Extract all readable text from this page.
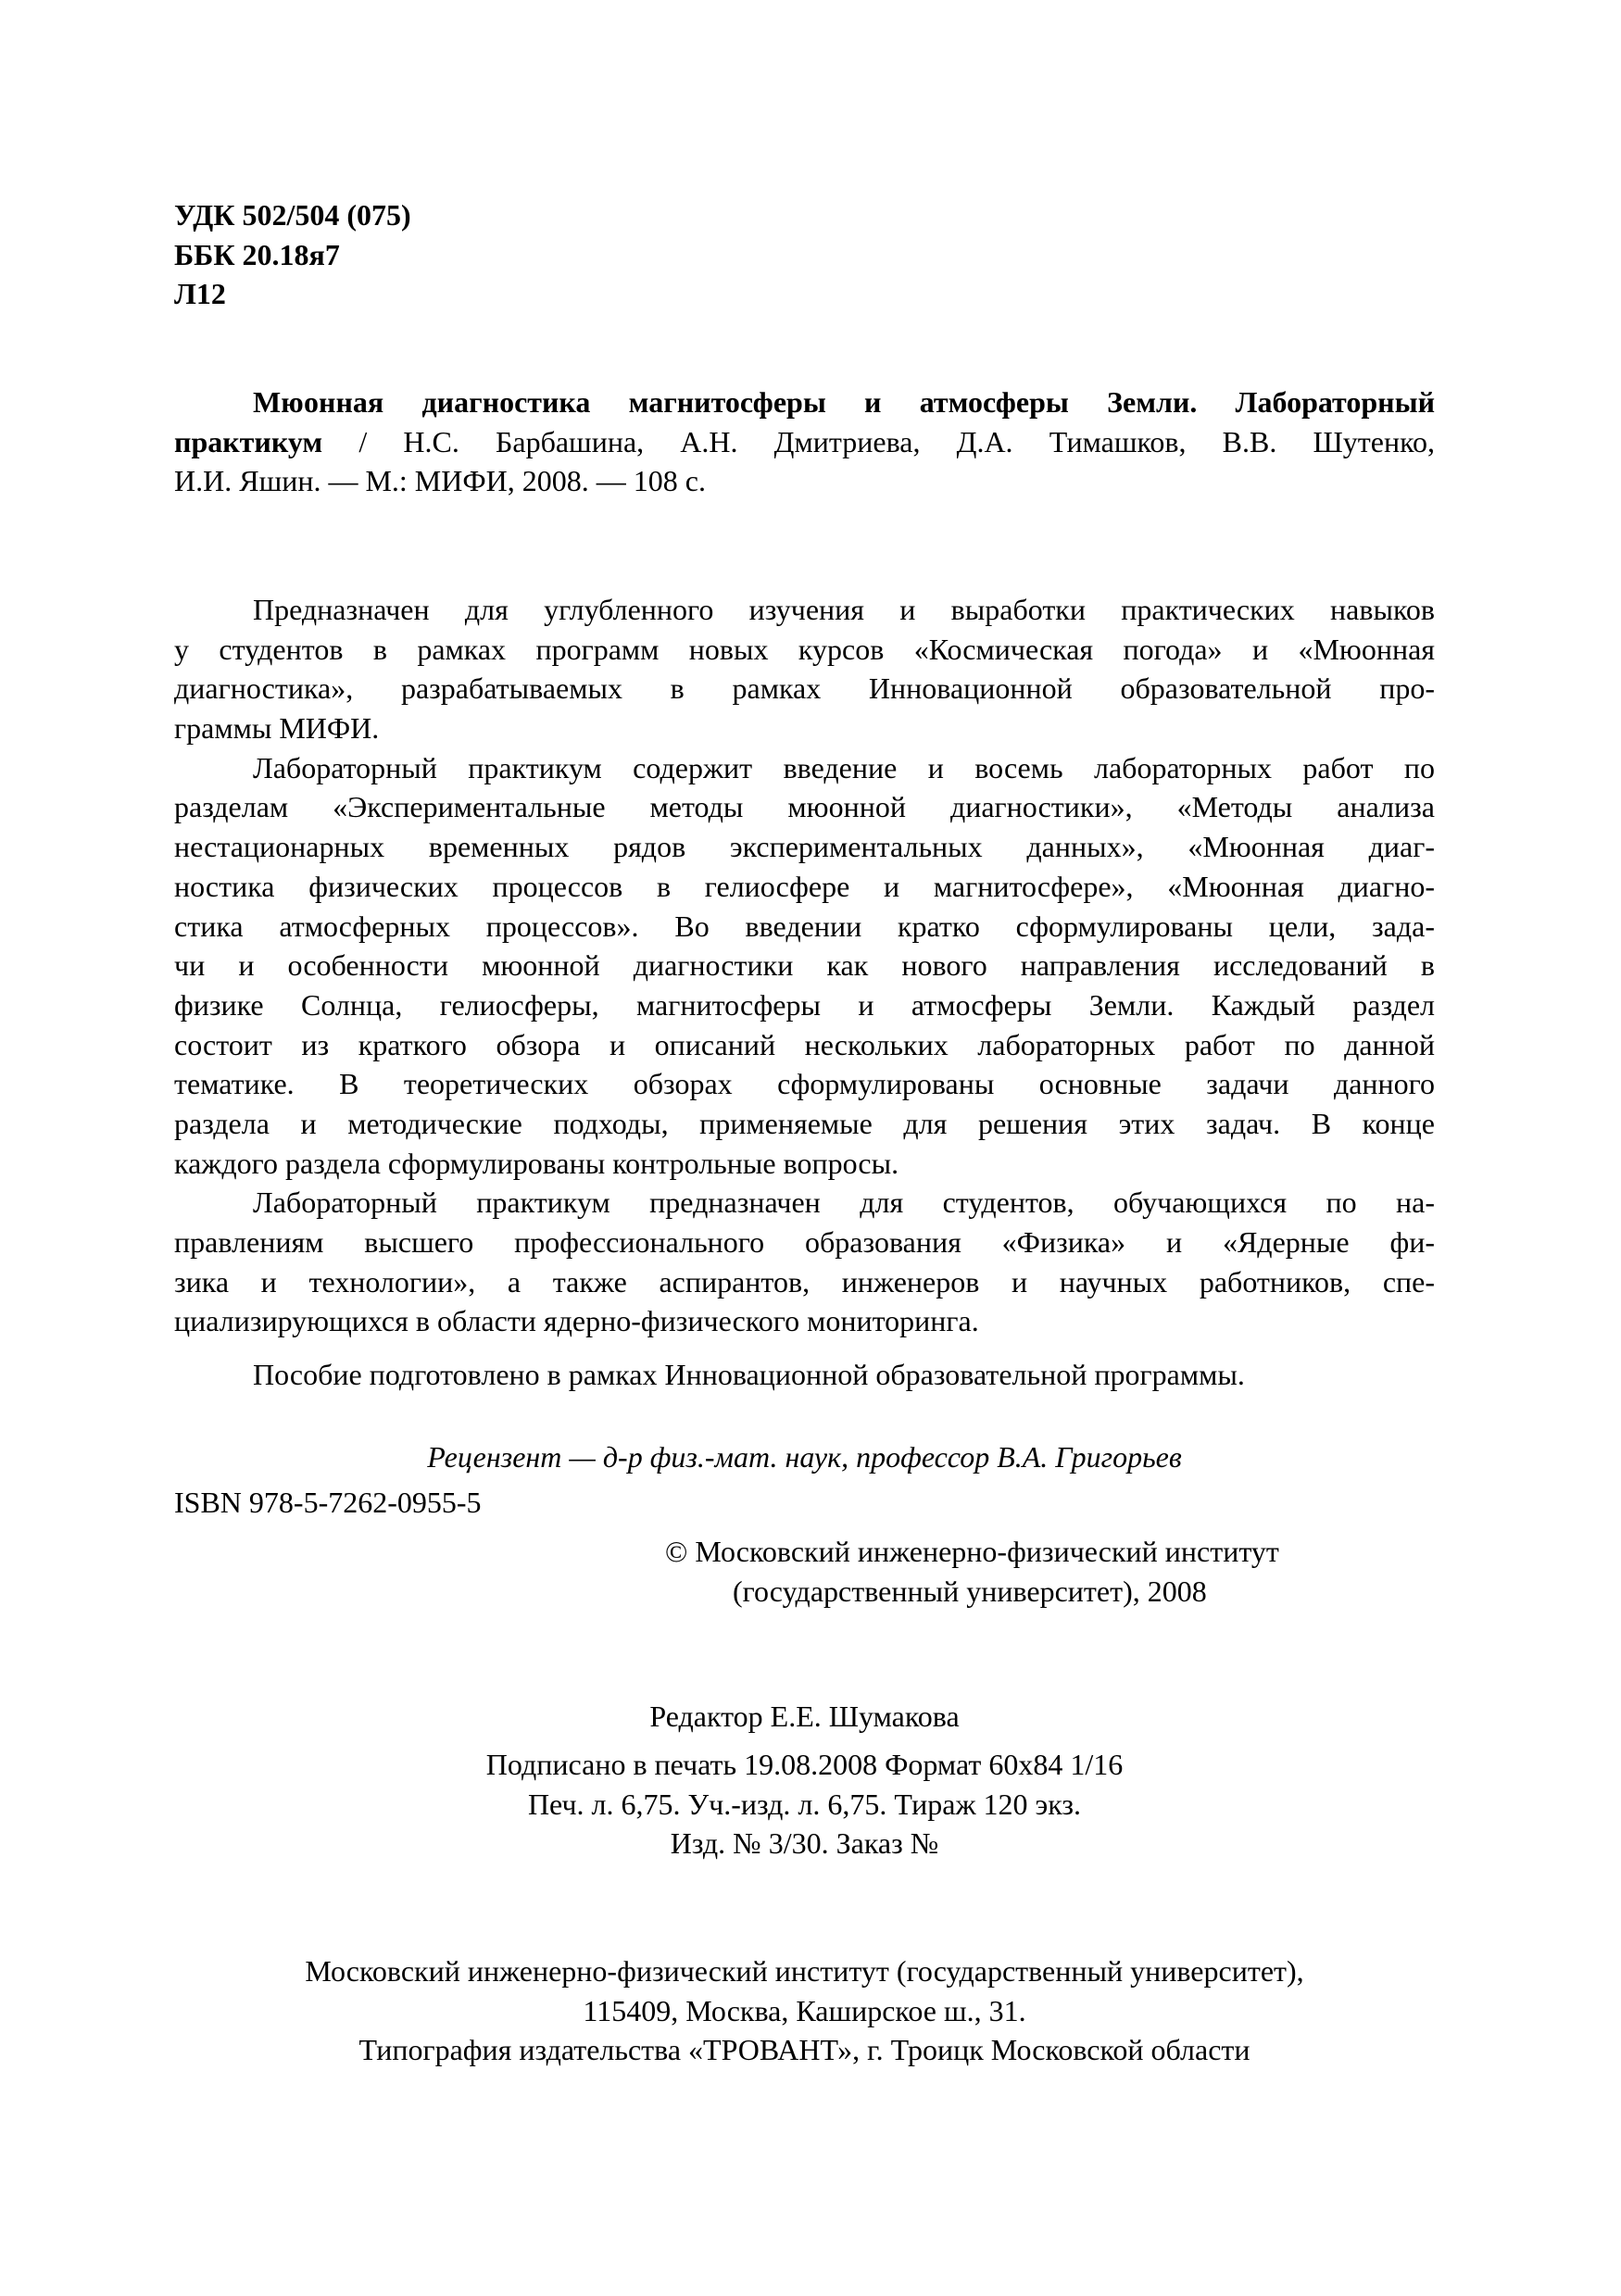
УДК 502/504 (075)
ББК 20.18я7
Л12
Мюонная диагностика магнитосферы и атмосферы Земли. Лабораторный
практикум / Н.С. Барбашина, А.Н. Дмитриева, Д.А. Тимашков, В.В. Шутенко,
И.И. Яшин. — М.: МИФИ, 2008. — 108 с.
Предназначен для углубленного изучения и выработки практических навыков
у студентов в рамках программ новых курсов «Космическая погода» и «Мюонная
диагностика», разрабатываемых в рамках Инновационной образовательной про-
граммы МИФИ.
Лабораторный практикум содержит введение и восемь лабораторных работ по
разделам «Экспериментальные методы мюонной диагностики», «Методы анализа
нестационарных временных рядов экспериментальных данных», «Мюонная диаг-
ностика физических процессов в гелиосфере и магнитосфере», «Мюонная диагно-
стика атмосферных процессов». Во введении кратко сформулированы цели, зада-
чи и особенности мюонной диагностики как нового направления исследований в
физике Солнца, гелиосферы, магнитосферы и атмосферы Земли. Каждый раздел
состоит из краткого обзора и описаний нескольких лабораторных работ по данной
тематике. В теоретических обзорах сформулированы основные задачи данного
раздела и методические подходы, применяемые для решения этих задач. В конце
каждого раздела сформулированы контрольные вопросы.
Лабораторный практикум предназначен для студентов, обучающихся по на-
правлениям высшего профессионального образования «Физика» и «Ядерные фи-
зика и технологии», а также аспирантов, инженеров и научных работников, спе-
циализирующихся в области ядерно-физического мониторинга.
Пособие подготовлено в рамках Инновационной образовательной программы.
Рецензент — д-р физ.-мат. наук, профессор В.А. Григорьев
ISBN 978-5-7262-0955-5
© Московский инженерно-физический институт
(государственный университет), 2008
Редактор Е.Е. Шумакова
Подписано в печать 19.08.2008 Формат 60x84 1/16
Печ. л. 6,75. Уч.-изд. л. 6,75. Тираж 120 экз.
Изд. № 3/30. Заказ №
Московский инженерно-физический институт (государственный университет),
115409, Москва, Каширское ш., 31.
Типография издательства «ТРОВАНТ», г. Троицк Московской области
